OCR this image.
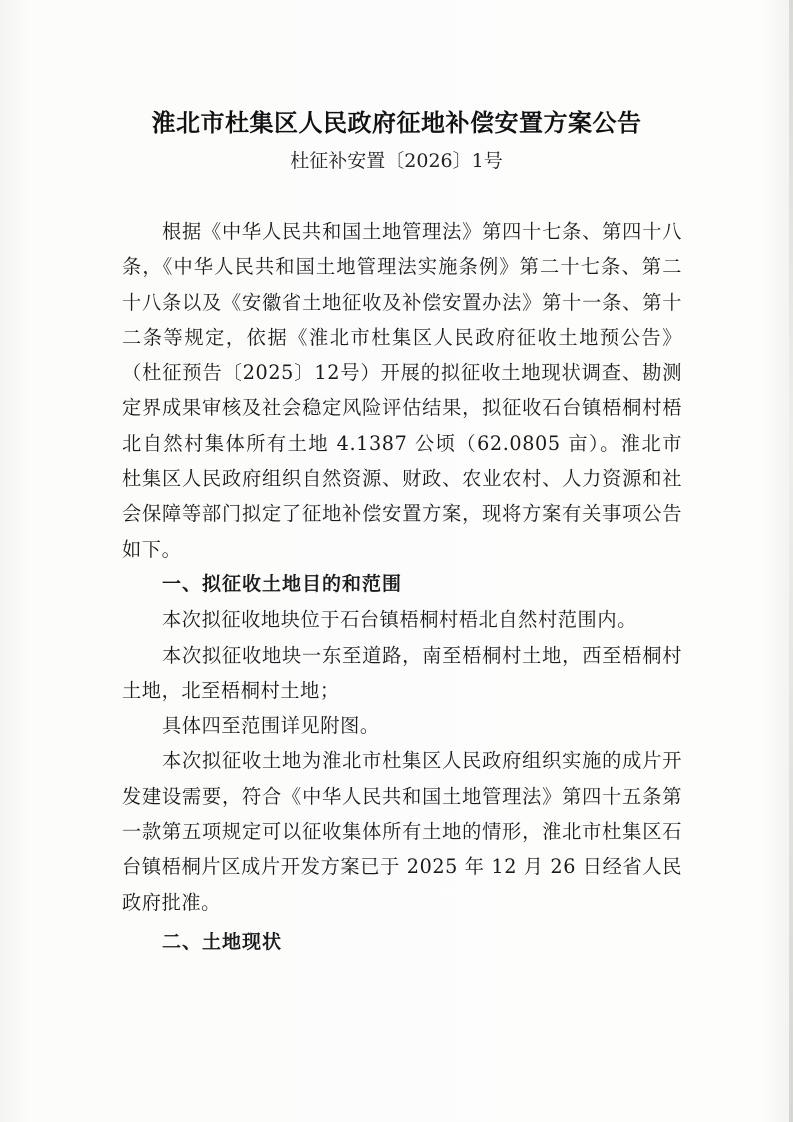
淮北市杜集区人民政府征地补偿安置方案公告
杜征补安置〔2026〕1号

根据《中华人民共和国土地管理法》第四十七条、第四十八条，《中华人民共和国土地管理法实施条例》第二十七条、第二十八条以及《安徽省土地征收及补偿安置办法》第十一条、第十二条等规定，依据《淮北市杜集区人民政府征收土地预公告》（杜征预告〔2025〕12号）开展的拟征收土地现状调查、勘测定界成果审核及社会稳定风险评估结果，拟征收石台镇梧桐村梧北自然村集体所有土地 4.1387 公顷（62.0805 亩）。淮北市杜集区人民政府组织自然资源、财政、农业农村、人力资源和社会保障等部门拟定了征地补偿安置方案，现将方案有关事项公告如下。

一、拟征收土地目的和范围

本次拟征收地块位于石台镇梧桐村梧北自然村范围内。

本次拟征收地块一东至道路，南至梧桐村土地，西至梧桐村土地，北至梧桐村土地；

具体四至范围详见附图。

本次拟征收土地为淮北市杜集区人民政府组织实施的成片开发建设需要，符合《中华人民共和国土地管理法》第四十五条第一款第五项规定可以征收集体所有土地的情形，淮北市杜集区石台镇梧桐片区成片开发方案已于 2025 年 12 月 26 日经省人民政府批准。

二、土地现状
